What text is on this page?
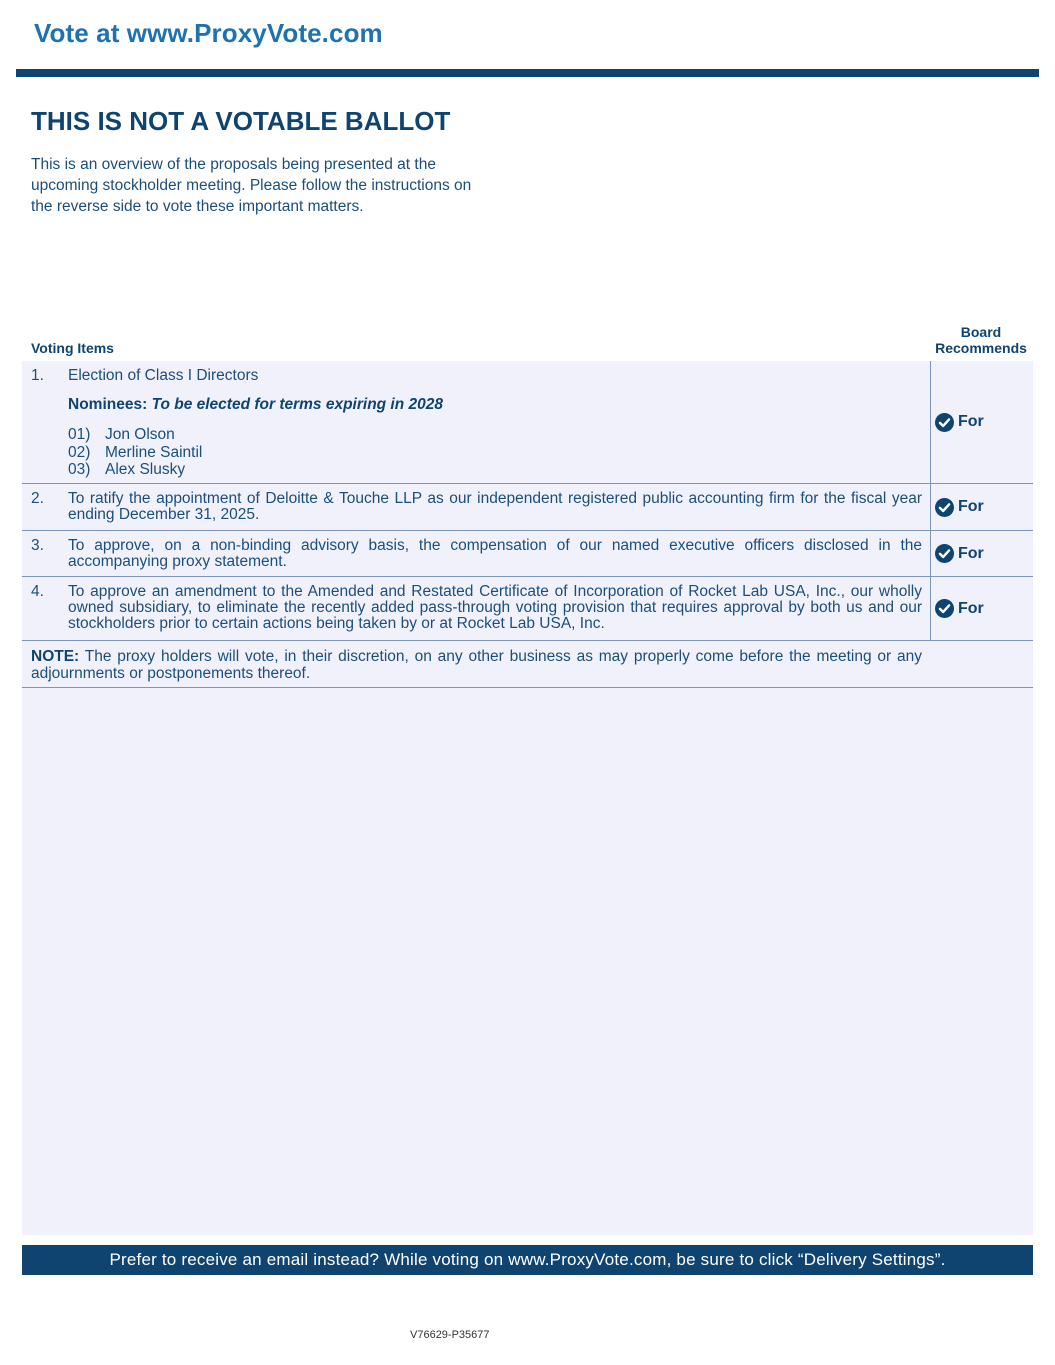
Vote at www.ProxyVote.com
THIS IS NOT A VOTABLE BALLOT
This is an overview of the proposals being presented at the
upcoming stockholder meeting. Please follow the instructions on
the reverse side to vote these important matters.
Voting Items
Board
Recommends
1. Election of Class I Directors
Nominees: To be elected for terms expiring in 2028
01) Jon Olson
02) Merline Saintil
03) Alex Slusky
For
2. To ratify the appointment of Deloitte & Touche LLP as our independent registered public accounting firm for the fiscal year ending December 31, 2025.	For
3. To approve, on a non-binding advisory basis, the compensation of our named executive officers disclosed in the accompanying proxy statement.	For
4. To approve an amendment to the Amended and Restated Certificate of Incorporation of Rocket Lab USA, Inc., our wholly owned subsidiary, to eliminate the recently added pass-through voting provision that requires approval by both us and our stockholders prior to certain actions being taken by or at Rocket Lab USA, Inc.
For
NOTE: The proxy holders will vote, in their discretion, on any other business as may properly come before the meeting or any adjournments or postponements thereof.
Prefer to receive an email instead? While voting on www.ProxyVote.com, be sure to click “Delivery Settings”.
V76629-P35677
